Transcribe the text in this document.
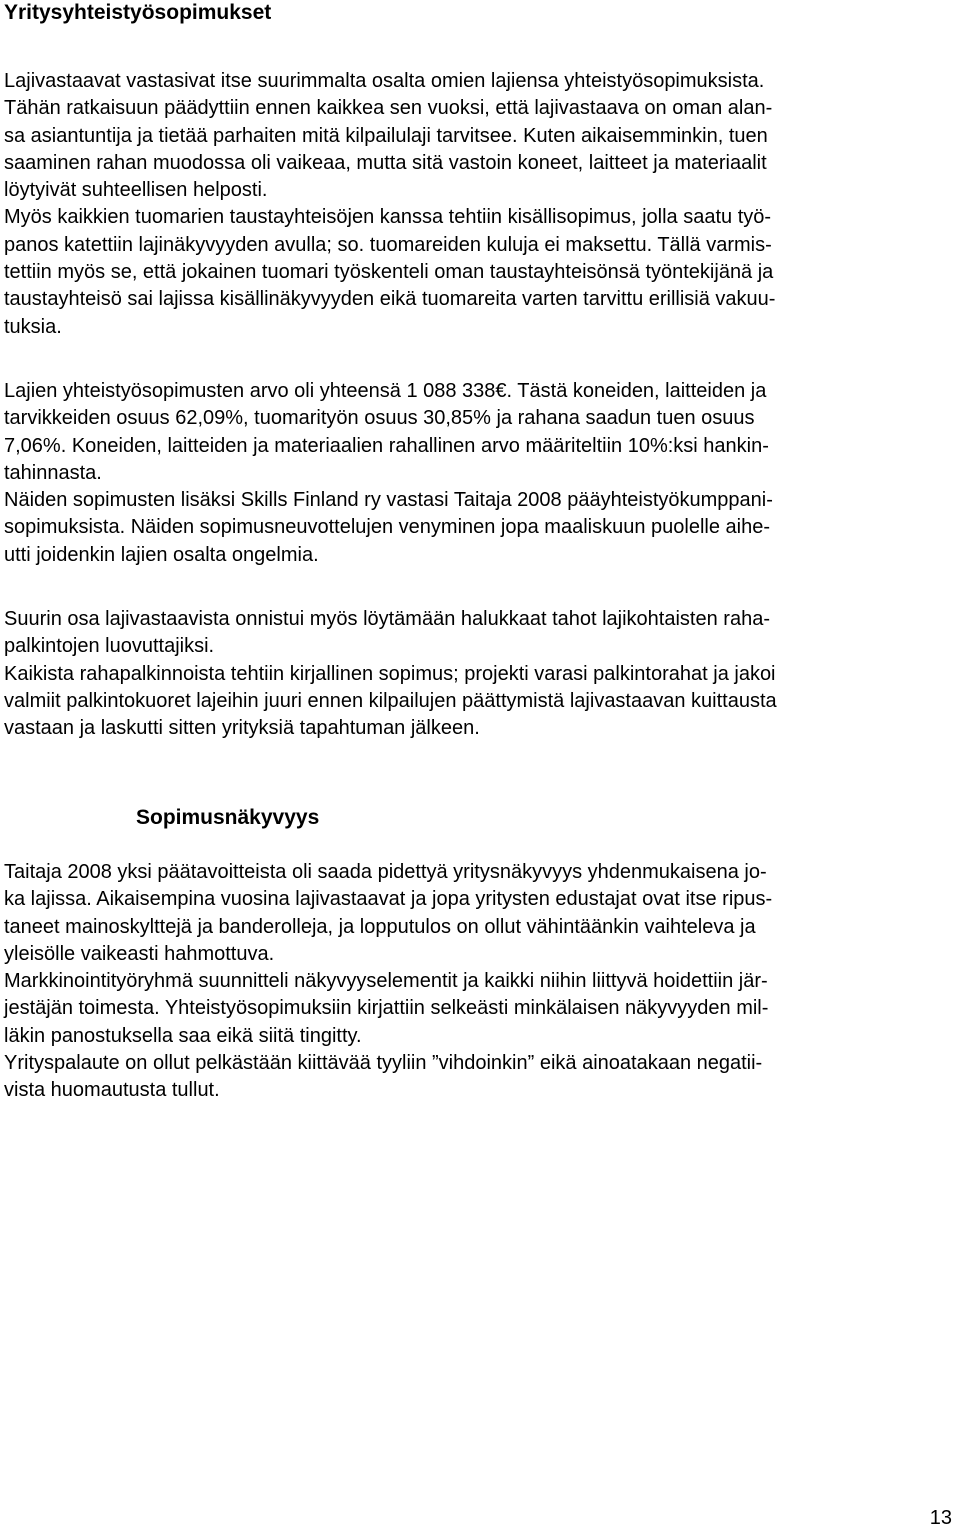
Yritysyhteistyösopimukset

Lajivastaavat vastasivat itse suurimmalta osalta omien lajiensa yhteistyösopimuksista.
Tähän ratkaisuun päädyttiin ennen kaikkea sen vuoksi, että lajivastaava on oman alan-
sa asiantuntija ja tietää parhaiten mitä kilpailulaji tarvitsee. Kuten aikaisemminkin, tuen
saaminen rahan muodossa oli vaikeaa, mutta sitä vastoin koneet, laitteet ja materiaalit
löytyivät suhteellisen helposti.
Myös kaikkien tuomarien taustayhteisöjen kanssa tehtiin kisällisopimus, jolla saatu työ-
panos katettiin lajinäkyvyyden avulla; so. tuomareiden kuluja ei maksettu. Tällä varmis-
tettiin myös se, että jokainen tuomari työskenteli oman taustayhteisönsä työntekijänä ja
taustayhteisö sai lajissa kisällinäkyvyyden eikä tuomareita varten tarvittu erillisiä vakuu-
tuksia.

Lajien yhteistyösopimusten arvo oli yhteensä 1 088 338€. Tästä koneiden, laitteiden ja
tarvikkeiden osuus 62,09%, tuomarityön osuus 30,85% ja rahana saadun tuen osuus
7,06%. Koneiden, laitteiden ja materiaalien rahallinen arvo määriteltiin 10%:ksi hankin-
tahinnasta.
Näiden sopimusten lisäksi Skills Finland ry vastasi Taitaja 2008 pääyhteistyökumppani-
sopimuksista. Näiden sopimusneuvottelujen venyminen jopa maaliskuun puolelle aihe-
utti joidenkin lajien osalta ongelmia.

Suurin osa lajivastaavista onnistui myös löytämään halukkaat tahot lajikohtaisten raha-
palkintojen luovuttajiksi.
Kaikista rahapalkinnoista tehtiin kirjallinen sopimus; projekti varasi palkintorahat ja jakoi
valmiit palkintokuoret lajeihin juuri ennen kilpailujen päättymistä lajivastaavan kuittausta
vastaan ja laskutti sitten yrityksiä tapahtuman jälkeen.

Sopimusnäkyvyys

Taitaja 2008 yksi päätavoitteista oli saada pidettyä yritysnäkyvyys yhdenmukaisena jo-
ka lajissa. Aikaisempina vuosina lajivastaavat ja jopa yritysten edustajat ovat itse ripus-
taneet mainoskylttejä ja banderolleja, ja lopputulos on ollut vähintäänkin vaihteleva ja
yleisölle vaikeasti hahmottuva.
Markkinointityöryhmä suunnitteli näkyvyyselementit ja kaikki niihin liittyvä hoidettiin jär-
jestäjän toimesta. Yhteistyösopimuksiin kirjattiin selkeästi minkälaisen näkyvyyden mil-
läkin panostuksella saa eikä siitä tingitty.
Yrityspalaute on ollut pelkästään kiittävää tyyliin ”vihdoinkin” eikä ainoatakaan negatii-
vista huomautusta tullut.

13
